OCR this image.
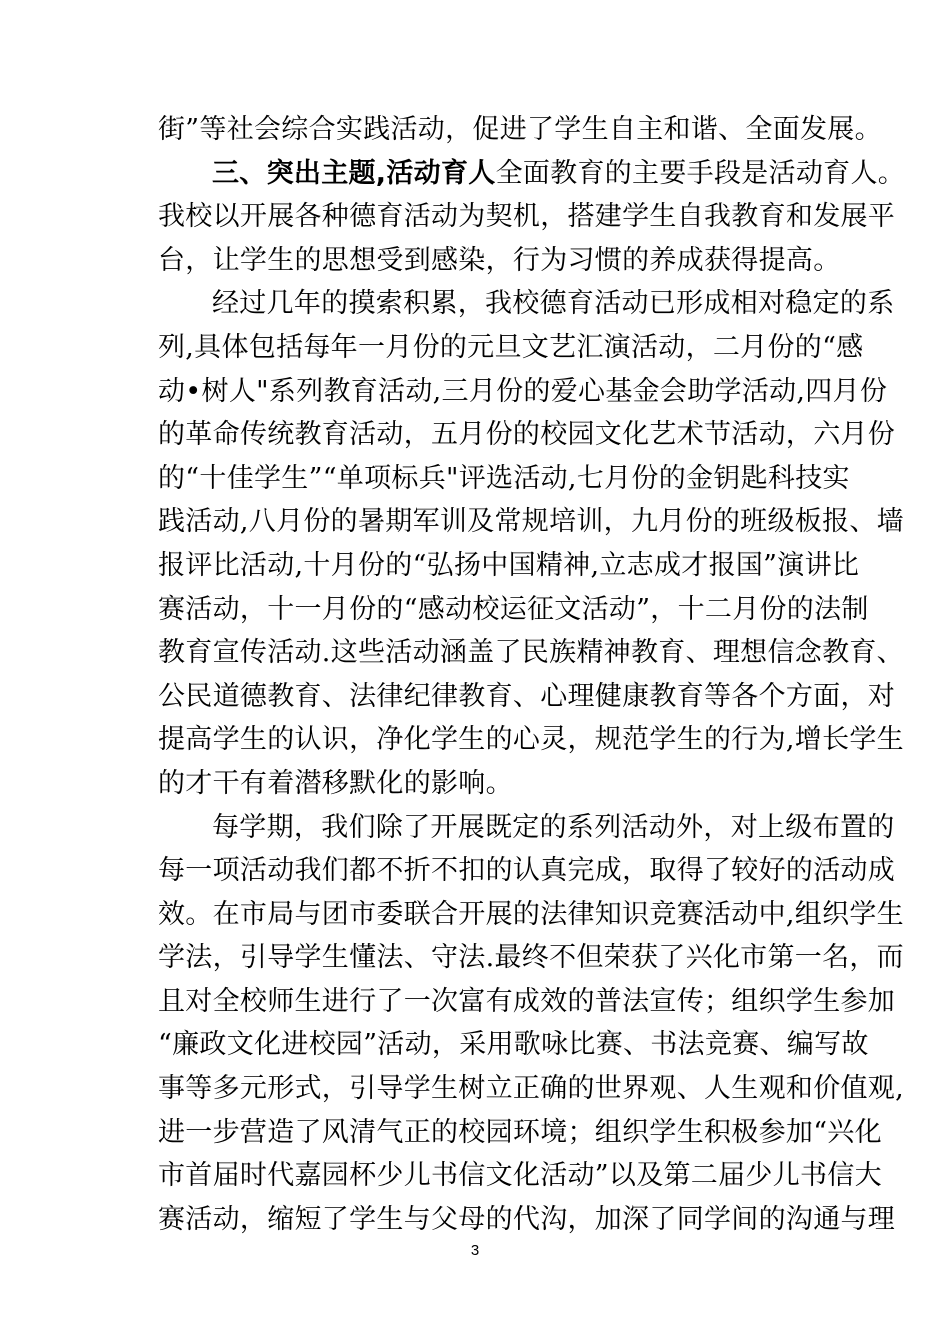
街”等社会综合实践活动，促进了学生自主和谐、全面发展。
三、突出主题,活动育人全面教育的主要手段是活动育人。
我校以开展各种德育活动为契机，搭建学生自我教育和发展平
台，让学生的思想受到感染，行为习惯的养成获得提高。
经过几年的摸索积累，我校德育活动已形成相对稳定的系
列,具体包括每年一月份的元旦文艺汇演活动，二月份的“感
动•树人"系列教育活动,三月份的爱心基金会助学活动,四月份
的革命传统教育活动，五月份的校园文化艺术节活动，六月份
的“十佳学生”“单项标兵"评选活动,七月份的金钥匙科技实
践活动,八月份的暑期军训及常规培训，九月份的班级板报、墙
报评比活动,十月份的“弘扬中国精神,立志成才报国”演讲比
赛活动，十一月份的“感动校运征文活动”，十二月份的法制
教育宣传活动.这些活动涵盖了民族精神教育、理想信念教育、
公民道德教育、法律纪律教育、心理健康教育等各个方面，对
提高学生的认识，净化学生的心灵，规范学生的行为,增长学生
的才干有着潜移默化的影响。
每学期，我们除了开展既定的系列活动外，对上级布置的
每一项活动我们都不折不扣的认真完成，取得了较好的活动成
效。在市局与团市委联合开展的法律知识竞赛活动中,组织学生
学法，引导学生懂法、守法.最终不但荣获了兴化市第一名，而
且对全校师生进行了一次富有成效的普法宣传；组织学生参加
“廉政文化进校园”活动，采用歌咏比赛、书法竞赛、编写故
事等多元形式，引导学生树立正确的世界观、人生观和价值观,
进一步营造了风清气正的校园环境；组织学生积极参加“兴化
市首届时代嘉园杯少儿书信文化活动”以及第二届少儿书信大
赛活动，缩短了学生与父母的代沟，加深了同学间的沟通与理
3
